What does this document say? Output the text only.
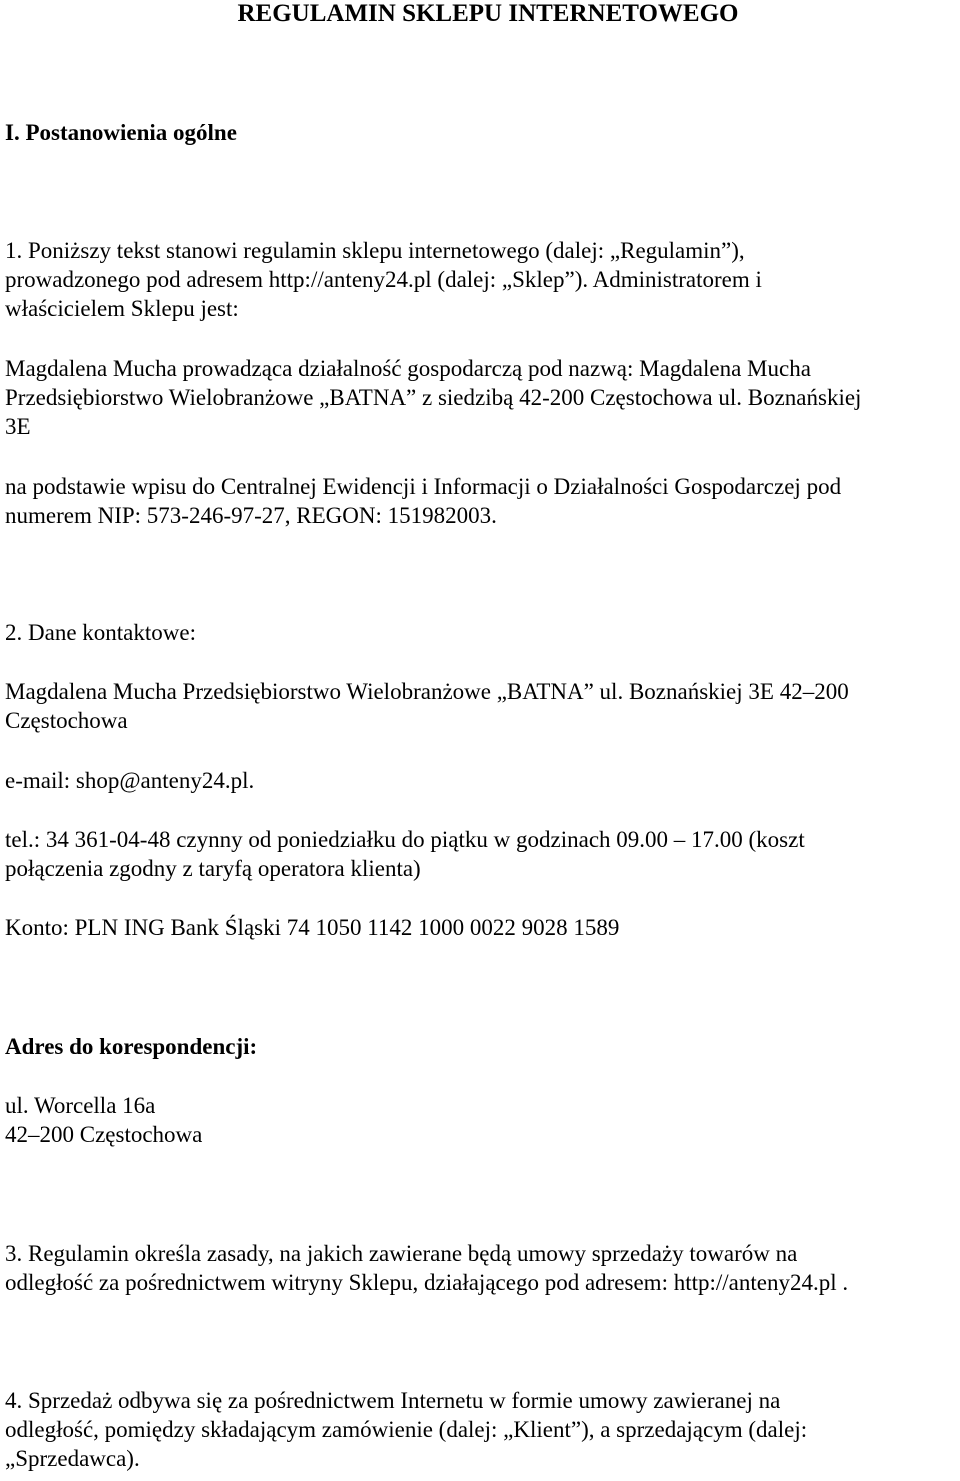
REGULAMIN SKLEPU INTERNETOWEGO
I. Postanowienia ogólne
1. Poniższy tekst stanowi regulamin sklepu internetowego (dalej: „Regulamin”),
prowadzonego pod adresem http://anteny24.pl (dalej: „Sklep”). Administratorem i
właścicielem Sklepu jest:
Magdalena Mucha prowadząca działalność gospodarczą pod nazwą: Magdalena Mucha
Przedsiębiorstwo Wielobranżowe „BATNA” z siedzibą 42-200 Częstochowa ul. Boznańskiej
3E
na podstawie wpisu do Centralnej Ewidencji i Informacji o Działalności Gospodarczej pod
numerem NIP: 573-246-97-27, REGON: 151982003.
2. Dane kontaktowe:
Magdalena Mucha Przedsiębiorstwo Wielobranżowe „BATNA” ul. Boznańskiej 3E 42–200
Częstochowa
e-mail: shop@anteny24.pl.
tel.: 34 361-04-48 czynny od poniedziałku do piątku w godzinach 09.00 – 17.00 (koszt
połączenia zgodny z taryfą operatora klienta)
Konto: PLN ING Bank Śląski 74 1050 1142 1000 0022 9028 1589
Adres do korespondencji:
ul. Worcella 16a
42–200 Częstochowa
3. Regulamin określa zasady, na jakich zawierane będą umowy sprzedaży towarów na
odległość za pośrednictwem witryny Sklepu, działającego pod adresem: http://anteny24.pl .
4. Sprzedaż odbywa się za pośrednictwem Internetu w formie umowy zawieranej na
odległość, pomiędzy składającym zamówienie (dalej: „Klient”), a sprzedającym (dalej:
„Sprzedawca).
